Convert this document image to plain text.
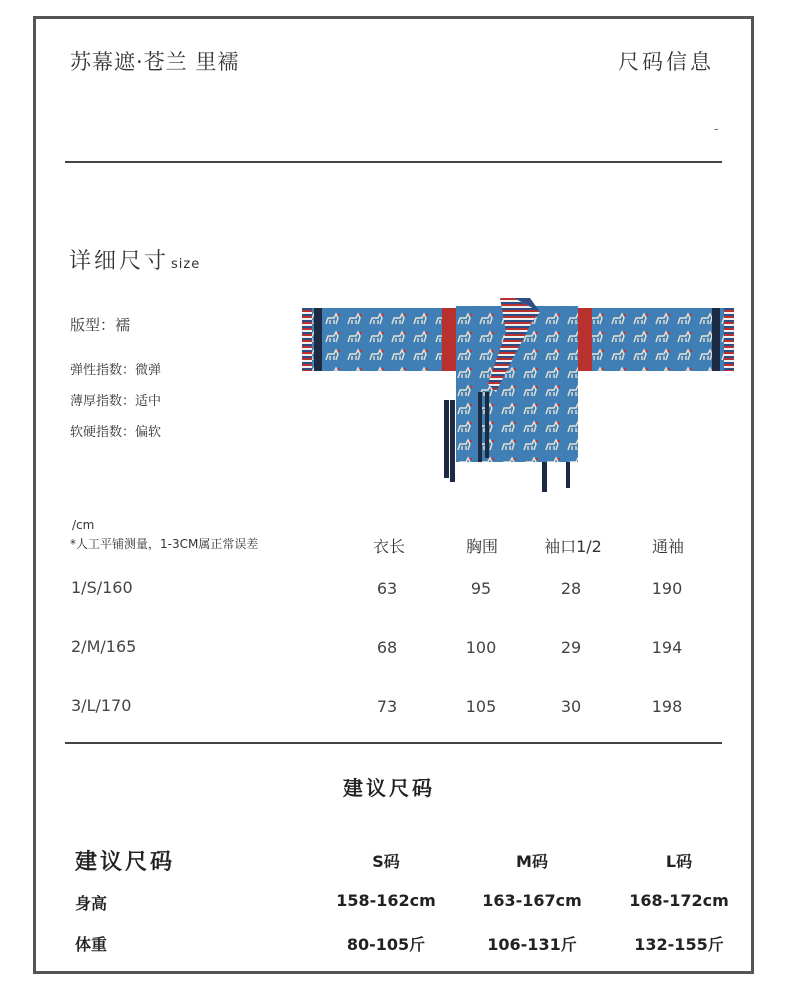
苏幕遮·苍兰 里襦	尺码信息
-
详细尺寸 size
版型：襦
弹性指数：微弹
薄厚指数：适中
软硬指数：偏软
/cm
*人工平铺测量，1-3CM属正常误差	衣长	胸围	袖口1/2	通袖
1/S/160	63	95	28	190
2/M/165	68	100	29	194
3/L/170	73	105	30	198
建议尺码
建议尺码	S码	M码	L码
身高	158-162cm	163-167cm	168-172cm
体重	80-105斤	106-131斤	132-155斤
